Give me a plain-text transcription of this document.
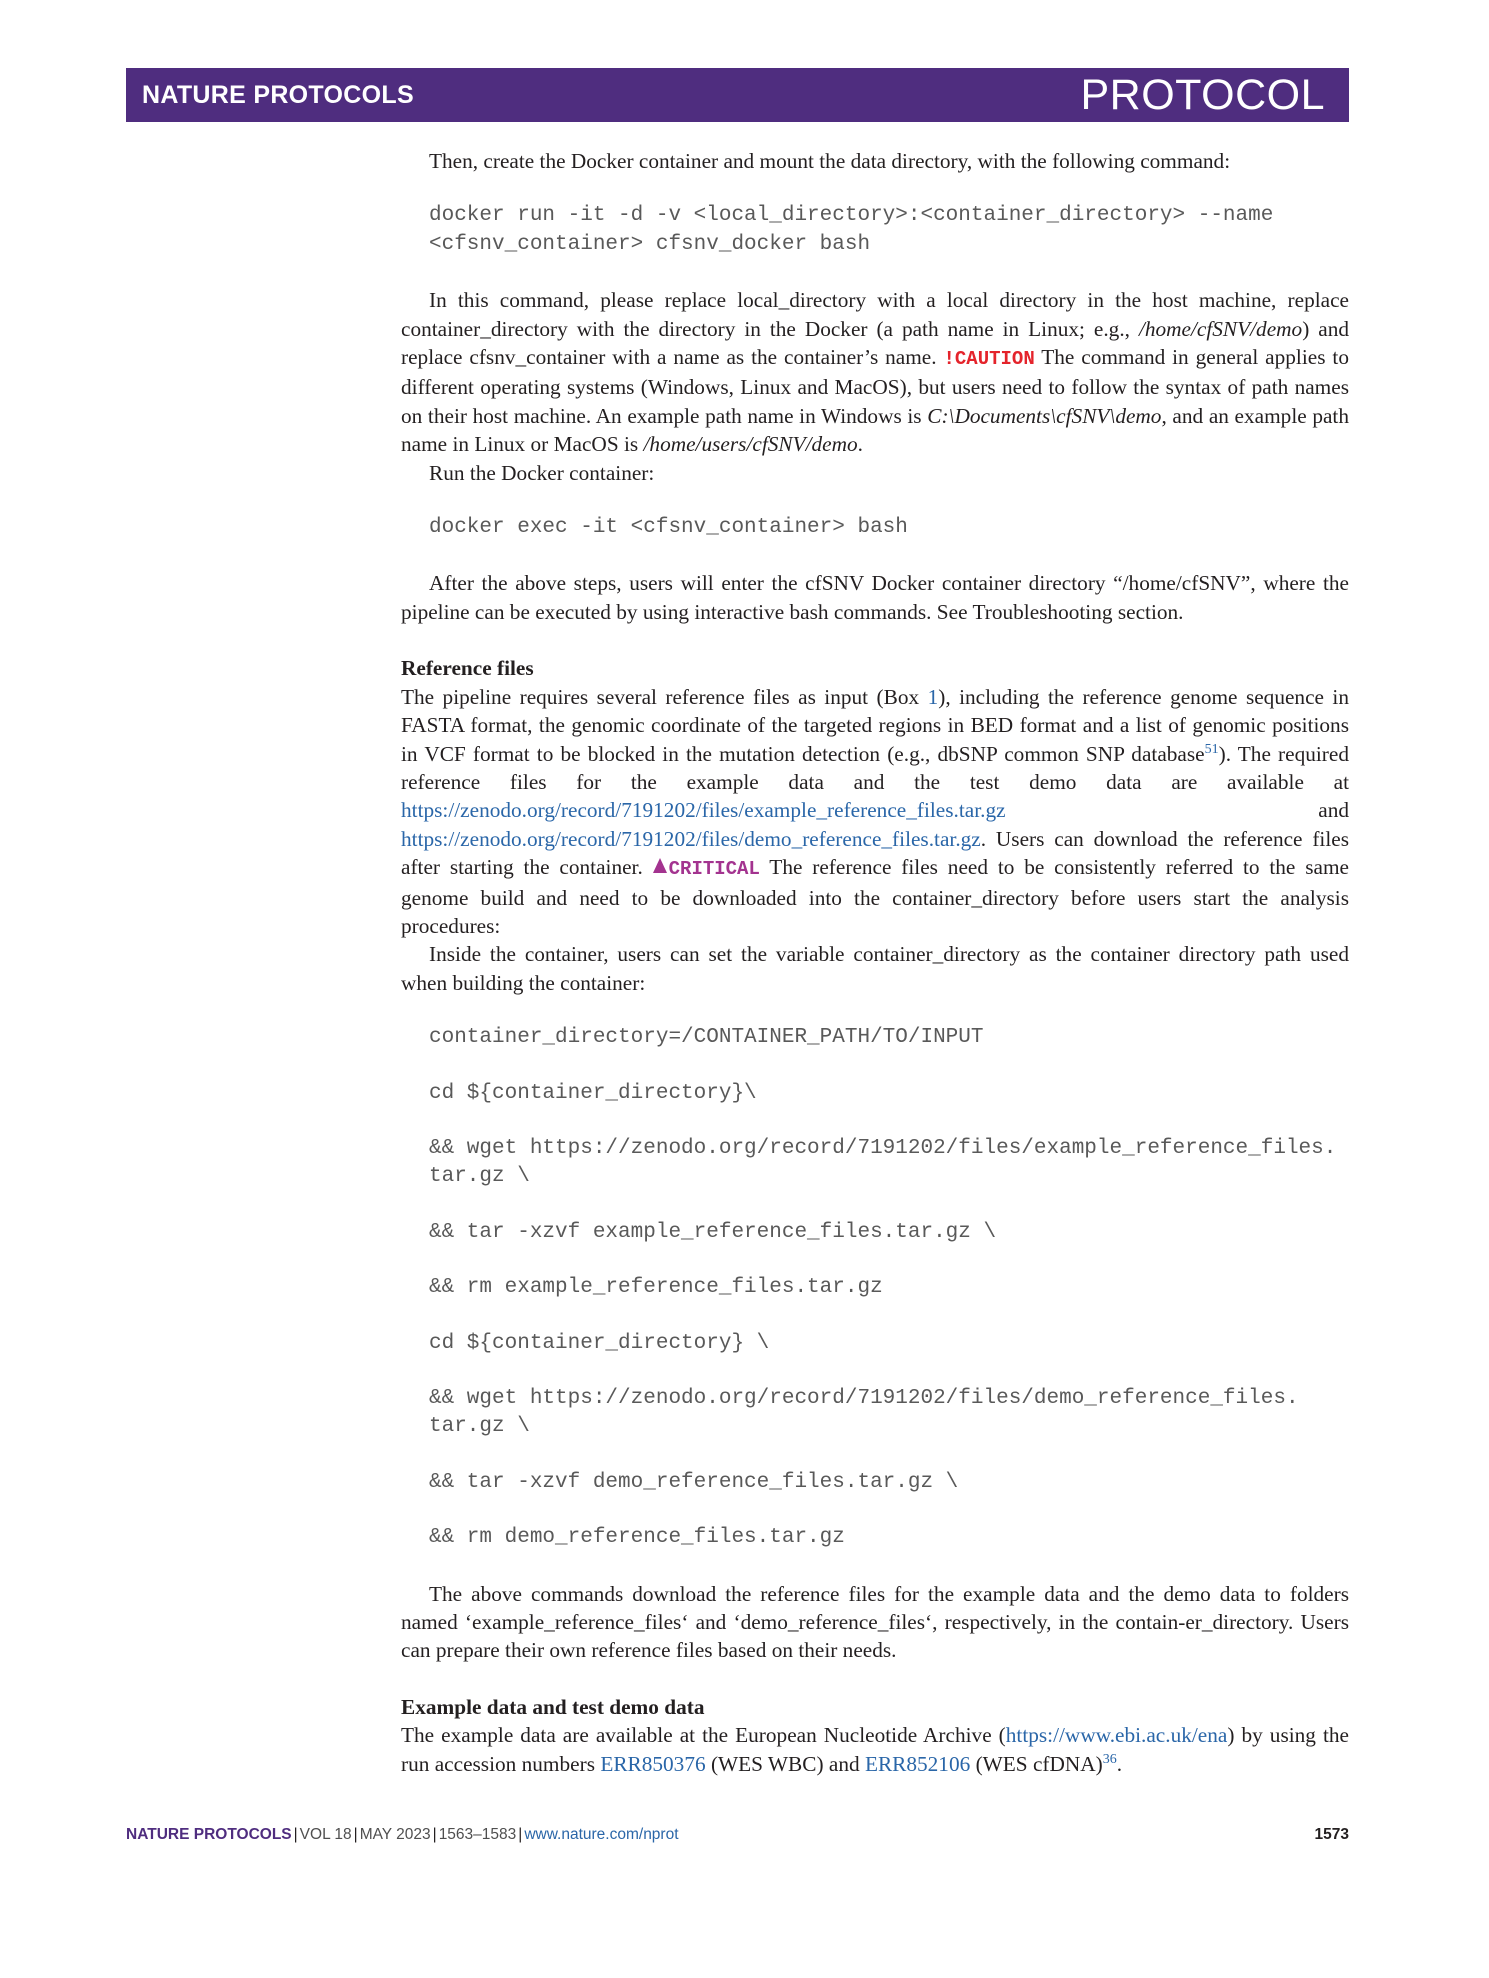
NATURE PROTOCOLS	PROTOCOL

Then, create the Docker container and mount the data directory, with the following command:

docker run -it -d -v <local_directory>:<container_directory> --name
<cfsnv_container> cfsnv_docker bash

In this command, please replace local_directory with a local directory in the host machine, replace container_directory with the directory in the Docker (a path name in Linux; e.g., /home/cfSNV/demo) and replace cfsnv_container with a name as the container’s name. !CAUTION The command in general applies to different operating systems (Windows, Linux and MacOS), but users need to follow the syntax of path names on their host machine. An example path name in Windows is C:\Documents\cfSNV\demo, and an example path name in Linux or MacOS is /home/users/cfSNV/demo.

Run the Docker container:

docker exec -it <cfsnv_container> bash

After the above steps, users will enter the cfSNV Docker container directory “/home/cfSNV”, where the pipeline can be executed by using interactive bash commands. See Troubleshooting section.

Reference files

The pipeline requires several reference files as input (Box 1), including the reference genome sequence in FASTA format, the genomic coordinate of the targeted regions in BED format and a list of genomic positions in VCF format to be blocked in the mutation detection (e.g., dbSNP common SNP database$^{51}$). The required reference files for the example data and the test demo data are available at https://zenodo.org/record/7191202/files/example_reference_files.tar.gz and https://zenodo.org/record/7191202/files/demo_reference_files.tar.gz. Users can download the reference files after starting the container. CRITICAL The reference files need to be consistently referred to the same genome build and need to be downloaded into the container_directory before users start the analysis procedures:

Inside the container, users can set the variable container_directory as the container directory path used when building the container:

container_directory=/CONTAINER_PATH/TO/INPUT
cd ${container_directory}\
&& wget https://zenodo.org/record/7191202/files/example_reference_files.
tar.gz \
&& tar -xzvf example_reference_files.tar.gz \
&& rm example_reference_files.tar.gz
cd ${container_directory} \
&& wget https://zenodo.org/record/7191202/files/demo_reference_files.
tar.gz \
&& tar -xzvf demo_reference_files.tar.gz \
&& rm demo_reference_files.tar.gz

The above commands download the reference files for the example data and the demo data to folders named ‘example_reference_files‘ and ‘demo_reference_files‘, respectively, in the contain-er_directory. Users can prepare their own reference files based on their needs.

Example data and test demo data

The example data are available at the European Nucleotide Archive (https://www.ebi.ac.uk/ena) by using the run accession numbers ERR850376 (WES WBC) and ERR852106 (WES cfDNA)$^{36}$.

NATURE PROTOCOLS | VOL 18 | MAY 2023 | 1563–1583 | www.nature.com/nprot	1573
